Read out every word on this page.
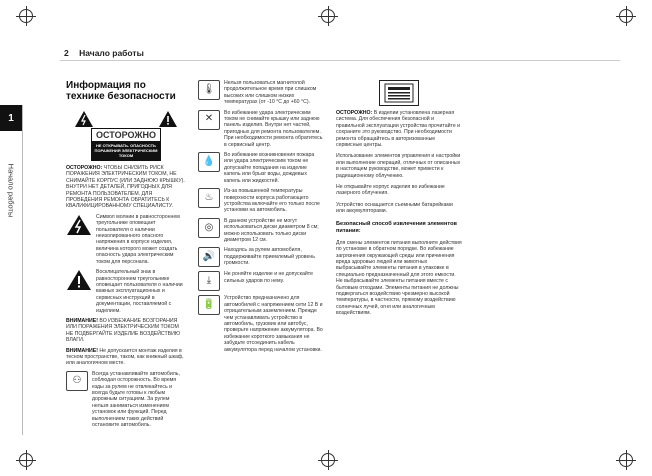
1
Начало работы
2 Начало работы
Информация по технике безопасности
ОСТОРОЖНО
НЕ ОТКРЫВАТЬ. ОПАСНОСТЬ ПОРАЖЕНИЯ ЭЛЕКТРИЧЕСКИМ ТОКОМ
ОСТОРОЖНО: ЧТОБЫ СНИЗИТЬ РИСК ПОРАЖЕНИЯ ЭЛЕКТРИЧЕСКИМ ТОКОМ, НЕ СНИМАЙТЕ КОРПУС (ИЛИ ЗАДНЮЮ КРЫШКУ). ВНУТРИ НЕТ ДЕТАЛЕЙ, ПРИГОДНЫХ ДЛЯ РЕМОНТА ПОЛЬЗОВАТЕЛЕМ. ДЛЯ ПРОВЕДЕНИЯ РЕМОНТА ОБРАТИТЕСЬ К КВАЛИФИЦИРОВАННОМУ СПЕЦИАЛИСТУ.
Символ молнии в равностороннем треугольнике оповещает пользователя о наличии неизолированного опасного напряжения в корпусе изделия, величина которого может создать опасность удара электрическим током для персонала.
Восклицательный знак в равностороннем треугольнике оповещает пользователя о наличии важных эксплуатационных и сервисных инструкций в документации, поставляемой с изделием.
ВНИМАНИЕ! ВО ИЗБЕЖАНИЕ ВОЗГОРАНИЯ ИЛИ ПОРАЖЕНИЯ ЭЛЕКТРИЧЕСКИМ ТОКОМ НЕ ПОДВЕРГАЙТЕ ИЗДЕЛИЕ ВОЗДЕЙСТВИЮ ВЛАГИ.
ВНИМАНИЕ! Не допускается монтаж изделия в тесном пространстве, таком, как книжный шкаф, или аналогичном месте.
⚇
Всегда устанавливайте автомобиль, соблюдая осторожность. Во время езды за рулем не отвлекайтесь и всегда будьте готовы к любым дорожным ситуациям. За рулем нельзя заниматься изменением установок или функций. Перед выполнением таких действий остановите автомобиль.
🌡
Нельзя пользоваться магнитолой продолжительное время при слишком высоких или слишком низких температурах (от -10 °С до +60 °С).
✕
Во избежание удара электрическим током не снимайте крышку или заднюю панель изделия. Внутри нет частей, пригодных для ремонта пользователем. При необходимости ремонта обратитесь в сервисный центр.
💧
Во избежание возникновения пожара или удара электрическим током не допускайте попадания на изделие капель или брызг воды, дождевых капель или жидкостей.
♨
Из-за повышенной температуры поверхности корпуса работающего устройства включайте его только после установки на автомобиль.
◎
В данном устройстве не могут использоваться диски диаметром 8 см; можно использовать только диски диаметром 12 см.
🔊
Находясь за рулем автомобиля, поддерживайте приемлемый уровень громкости.
⤓
Не роняйте изделие и не допускайте сильных ударов по нему.
🔋
Устройство предназначено для автомобилей с напряжением сети 12 В и отрицательным заземлением. Прежде чем устанавливать устройство в автомобиль, грузовик или автобус, проверьте напряжение аккумулятора. Во избежание короткого замыкания не забудьте отсоединить кабель аккумулятора перед началом установки.
ОСТОРОЖНО: В изделии установлена лазерная система. Для обеспечения безопасной и правильной эксплуатации устройства прочитайте и сохраните это руководство. При необходимости ремонта обращайтесь в авторизованные сервисные центры.
Использование элементов управления и настройки или выполнение операций, отличных от описанных в настоящем руководстве, может привести к радиационному облучению.
Не открывайте корпус изделия во избежание лазерного облучения.
Устройство оснащается съемными батарейками или аккумуляторами.
Безопасный способ извлечения элементов питания:
Для смены элементов питания выполните действия по установке в обратном порядке. Во избежание загрязнения окружающей среды или причинения вреда здоровью людей или животных выбрасывайте элементы питания в упаковке в специально предназначенный для этого емкости. Не выбрасывайте элементы питания вместе с бытовым отходами. Элементы питания не должны подвергаться воздействию чрезмерно высокой температуры, в частности, прямому воздействию солнечных лучей, огня или аналогичным воздействиям.
